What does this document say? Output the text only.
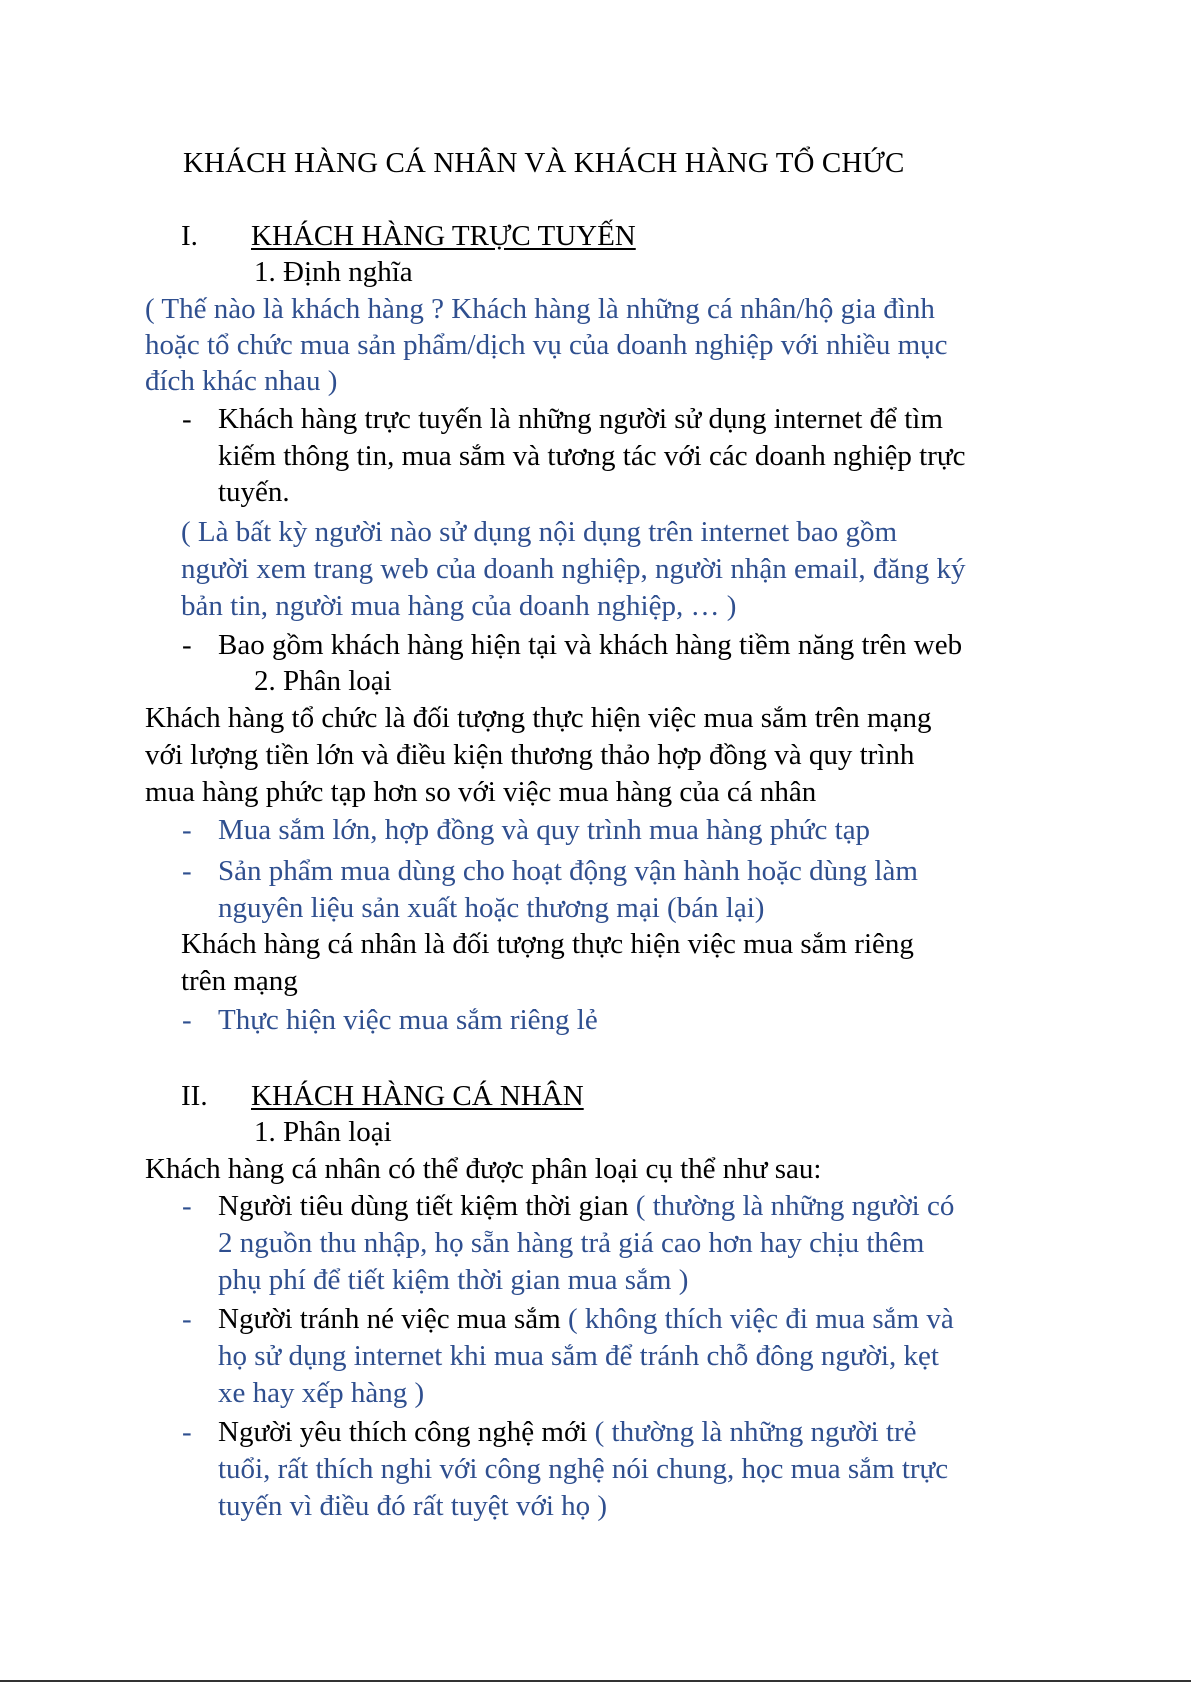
KHÁCH HÀNG CÁ NHÂN VÀ KHÁCH HÀNG TỔ CHỨC
I. KHÁCH HÀNG TRỰC TUYẾN
1. Định nghĩa
( Thế nào là khách hàng ? Khách hàng là những cá nhân/hộ gia đình
hoặc tổ chức mua sản phẩm/dịch vụ của doanh nghiệp với nhiều mục
đích khác nhau )
- Khách hàng trực tuyến là những người sử dụng internet để tìm
kiếm thông tin, mua sắm và tương tác với các doanh nghiệp trực
tuyến.
( Là bất kỳ người nào sử dụng nội dụng trên internet bao gồm
người xem trang web của doanh nghiệp, người nhận email, đăng ký
bản tin, người mua hàng của doanh nghiệp, … )
- Bao gồm khách hàng hiện tại và khách hàng tiềm năng trên web
2. Phân loại
Khách hàng tổ chức là đối tượng thực hiện việc mua sắm trên mạng
với lượng tiền lớn và điều kiện thương thảo hợp đồng và quy trình
mua hàng phức tạp hơn so với việc mua hàng của cá nhân
- Mua sắm lớn, hợp đồng và quy trình mua hàng phức tạp
- Sản phẩm mua dùng cho hoạt động vận hành hoặc dùng làm
nguyên liệu sản xuất hoặc thương mại (bán lại)
Khách hàng cá nhân là đối tượng thực hiện việc mua sắm riêng
trên mạng
- Thực hiện việc mua sắm riêng lẻ
II. KHÁCH HÀNG CÁ NHÂN
1. Phân loại
Khách hàng cá nhân có thể được phân loại cụ thể như sau:
- Người tiêu dùng tiết kiệm thời gian ( thường là những người có
2 nguồn thu nhập, họ sẵn hàng trả giá cao hơn hay chịu thêm
phụ phí để tiết kiệm thời gian mua sắm )
- Người tránh né việc mua sắm ( không thích việc đi mua sắm và
họ sử dụng internet khi mua sắm để tránh chỗ đông người, kẹt
xe hay xếp hàng )
- Người yêu thích công nghệ mới ( thường là những người trẻ
tuổi, rất thích nghi với công nghệ nói chung, học mua sắm trực
tuyến vì điều đó rất tuyệt với họ )
